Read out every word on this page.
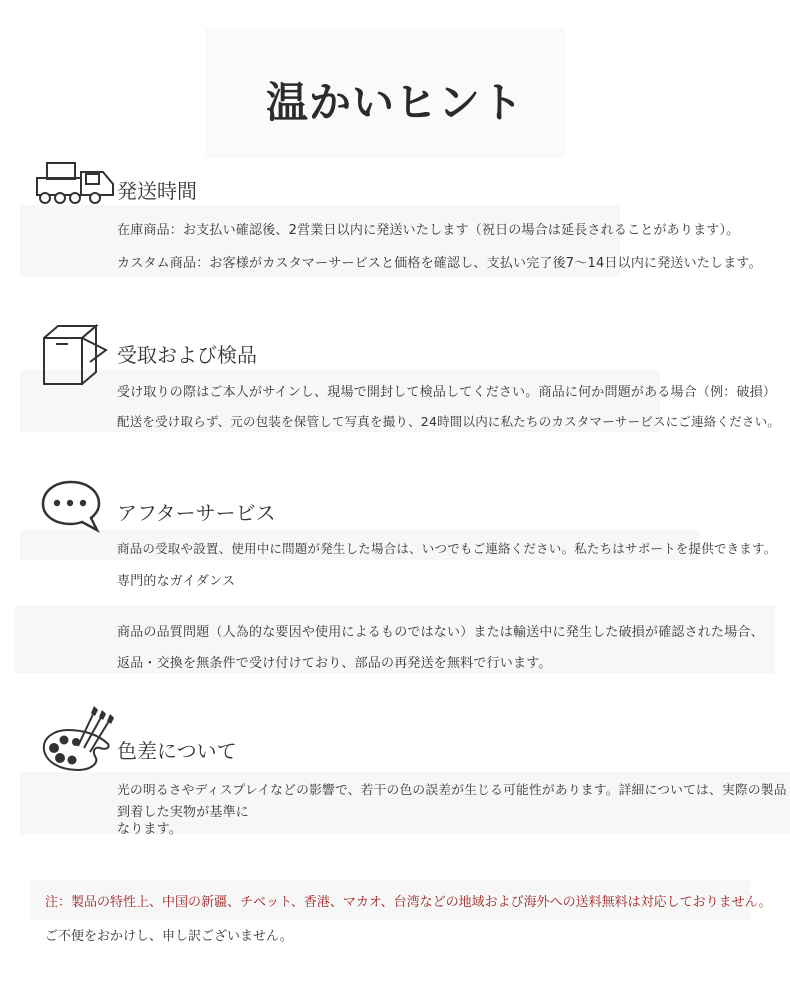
温かいヒント
発送時間
在庫商品：お支払い確認後、2営業日以内に発送いたします（祝日の場合は延長されることがあります）。
カスタム商品：お客様がカスタマーサービスと価格を確認し、支払い完了後7〜14日以内に発送いたします。
受取および検品
受け取りの際はご本人がサインし、現場で開封して検品してください。商品に何か問題がある場合（例：破損）
配送を受け取らず、元の包装を保管して写真を撮り、24時間以内に私たちのカスタマーサービスにご連絡ください。
アフターサービス
商品の受取や設置、使用中に問題が発生した場合は、いつでもご連絡ください。私たちはサポートを提供できます。
専門的なガイダンス
商品の品質問題（人為的な要因や使用によるものではない）または輸送中に発生した破損が確認された場合、
返品・交換を無条件で受け付けており、部品の再発送を無料で行います。
色差について
光の明るさやディスプレイなどの影響で、若干の色の誤差が生じる可能性があります。詳細については、実際の製品
到着した実物が基準に
なります。
注：製品の特性上、中国の新疆、チベット、香港、マカオ、台湾などの地域および海外への送料無料は対応しておりません。
ご不便をおかけし、申し訳ございません。
